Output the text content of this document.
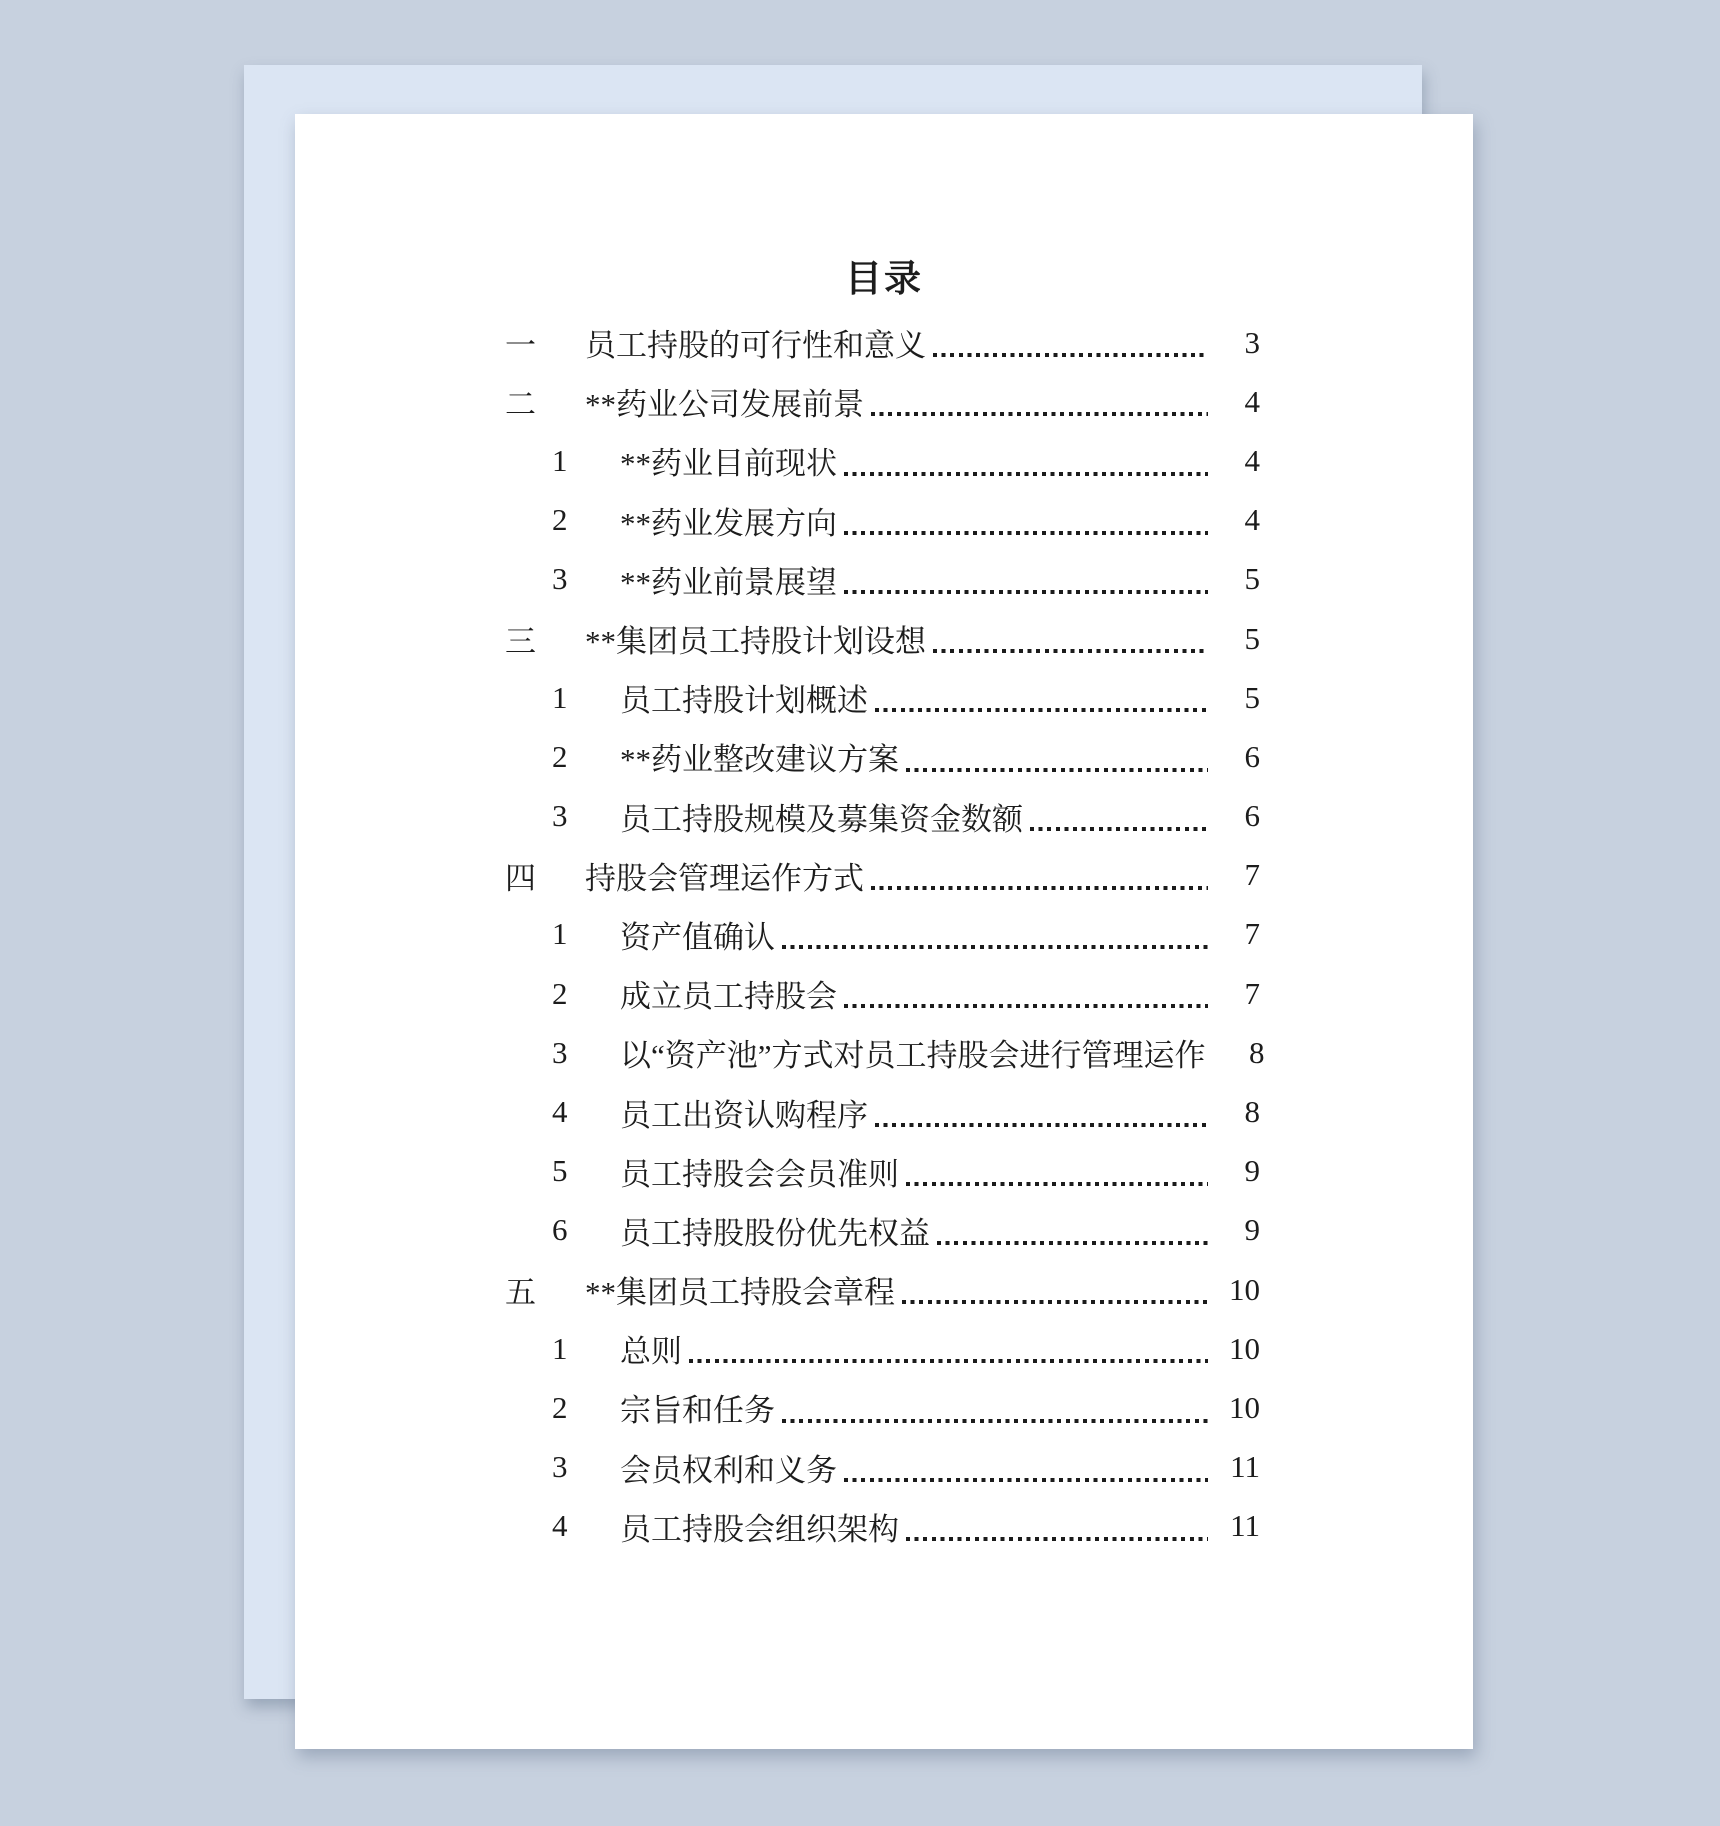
目录
一	员工持股的可行性和意义	3
二	**药业公司发展前景	4
1	**药业目前现状	4
2	**药业发展方向	4
3	**药业前景展望	5
三	**集团员工持股计划设想	5
1	员工持股计划概述	5
2	**药业整改建议方案	6
3	员工持股规模及募集资金数额	6
四	持股会管理运作方式	7
1	资产值确认	7
2	成立员工持股会	7
3	以“资产池”方式对员工持股会进行管理运作	8
4	员工出资认购程序	8
5	员工持股会会员准则	9
6	员工持股股份优先权益	9
五	**集团员工持股会章程	10
1	总则	10
2	宗旨和任务	10
3	会员权利和义务	11
4	员工持股会组织架构	11
